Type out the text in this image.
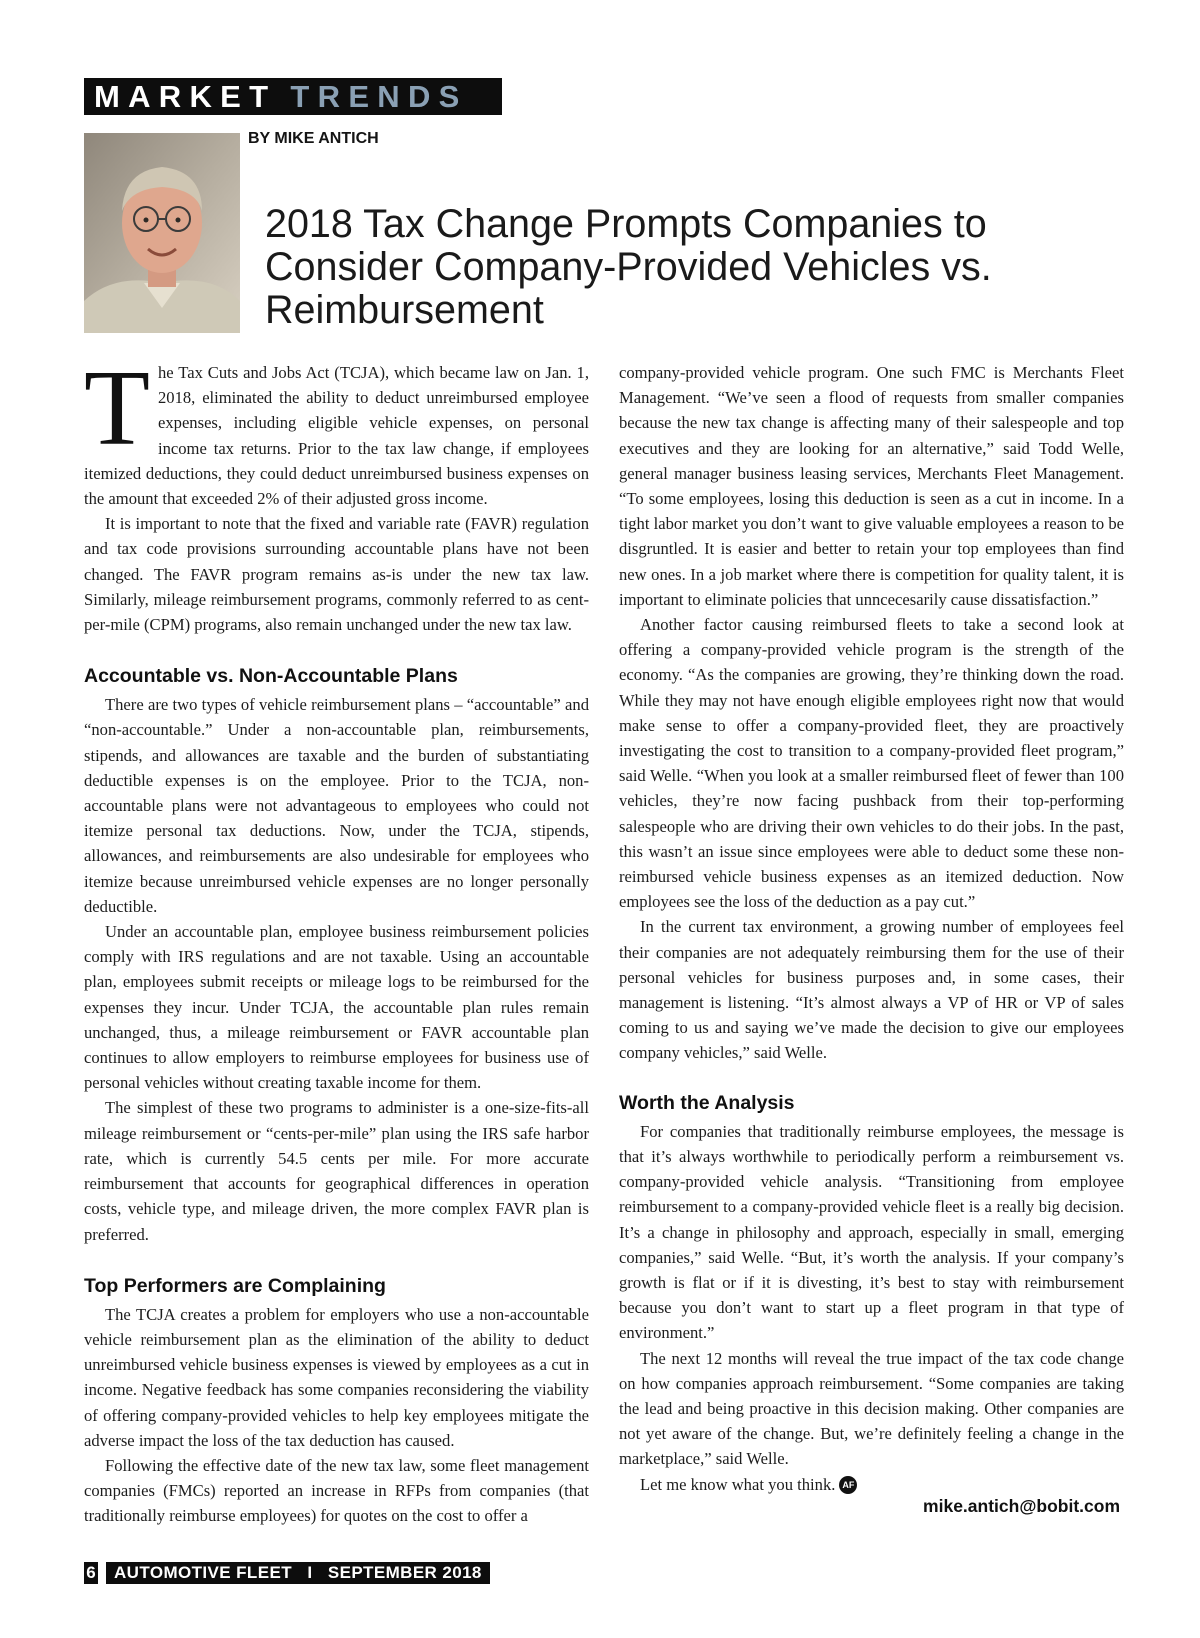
MARKET TRENDS
BY MIKE ANTICH
2018 Tax Change Prompts Companies to Consider Company-Provided Vehicles vs. Reimbursement

The Tax Cuts and Jobs Act (TCJA), which became law on Jan. 1, 2018, eliminated the ability to deduct unreimbursed employee expenses, including eligible vehicle expenses, on personal income tax returns. Prior to the tax law change, if employees itemized deductions, they could deduct unreimbursed business expenses on the amount that exceeded 2% of their adjusted gross income.

It is important to note that the fixed and variable rate (FAVR) regulation and tax code provisions surrounding accountable plans have not been changed. The FAVR program remains as-is under the new tax law. Similarly, mileage reimbursement programs, commonly referred to as cent-per-mile (CPM) programs, also remain unchanged under the new tax law.

Accountable vs. Non-Accountable Plans

There are two types of vehicle reimbursement plans – “accountable” and “non-accountable.” Under a non-accountable plan, reimbursements, stipends, and allowances are taxable and the burden of substantiating deductible expenses is on the employee. Prior to the TCJA, non-accountable plans were not advantageous to employees who could not itemize personal tax deductions. Now, under the TCJA, stipends, allowances, and reimbursements are also undesirable for employees who itemize because unreimbursed vehicle expenses are no longer personally deductible.

Under an accountable plan, employee business reimbursement policies comply with IRS regulations and are not taxable. Using an accountable plan, employees submit receipts or mileage logs to be reimbursed for the expenses they incur. Under TCJA, the accountable plan rules remain unchanged, thus, a mileage reimbursement or FAVR accountable plan continues to allow employers to reimburse employees for business use of personal vehicles without creating taxable income for them.

The simplest of these two programs to administer is a one-size-fits-all mileage reimbursement or “cents-per-mile” plan using the IRS safe harbor rate, which is currently 54.5 cents per mile. For more accurate reimbursement that accounts for geographical differences in operation costs, vehicle type, and mileage driven, the more complex FAVR plan is preferred.

Top Performers are Complaining

The TCJA creates a problem for employers who use a non-accountable vehicle reimbursement plan as the elimination of the ability to deduct unreimbursed vehicle business expenses is viewed by employees as a cut in income. Negative feedback has some companies reconsidering the viability of offering company-provided vehicles to help key employees mitigate the adverse impact the loss of the tax deduction has caused.

Following the effective date of the new tax law, some fleet management companies (FMCs) reported an increase in RFPs from companies (that traditionally reimburse employees) for quotes on the cost to offer a

company-provided vehicle program. One such FMC is Merchants Fleet Management. “We’ve seen a flood of requests from smaller companies because the new tax change is affecting many of their salespeople and top executives and they are looking for an alternative,” said Todd Welle, general manager business leasing services, Merchants Fleet Management. “To some employees, losing this deduction is seen as a cut in income. In a tight labor market you don’t want to give valuable employees a reason to be disgruntled. It is easier and better to retain your top employees than find new ones. In a job market where there is competition for quality talent, it is important to eliminate policies that unncecesarily cause dissatisfaction.”

Another factor causing reimbursed fleets to take a second look at offering a company-provided vehicle program is the strength of the economy. “As the companies are growing, they’re thinking down the road. While they may not have enough eligible employees right now that would make sense to offer a company-provided fleet, they are proactively investigating the cost to transition to a company-provided fleet program,” said Welle. “When you look at a smaller reimbursed fleet of fewer than 100 vehicles, they’re now facing pushback from their top-performing salespeople who are driving their own vehicles to do their jobs. In the past, this wasn’t an issue since employees were able to deduct some these non-reimbursed vehicle business expenses as an itemized deduction. Now employees see the loss of the deduction as a pay cut.”

In the current tax environment, a growing number of employees feel their companies are not adequately reimbursing them for the use of their personal vehicles for business purposes and, in some cases, their management is listening. “It’s almost always a VP of HR or VP of sales coming to us and saying we’ve made the decision to give our employees company vehicles,” said Welle.

Worth the Analysis

For companies that traditionally reimburse employees, the message is that it’s always worthwhile to periodically perform a reimbursement vs. company-provided vehicle analysis. “Transitioning from employee reimbursement to a company-provided vehicle fleet is a really big decision. It’s a change in philosophy and approach, especially in small, emerging companies,” said Welle. “But, it’s worth the analysis. If your company’s growth is flat or if it is divesting, it’s best to stay with reimbursement because you don’t want to start up a fleet program in that type of environment.”

The next 12 months will reveal the true impact of the tax code change on how companies approach reimbursement. “Some companies are taking the lead and being proactive in this decision making. Other companies are not yet aware of the change. But, we’re definitely feeling a change in the marketplace,” said Welle.

Let me know what you think. AF

mike.antich@bobit.com
6	AUTOMOTIVE FLEET   I   SEPTEMBER 2018
